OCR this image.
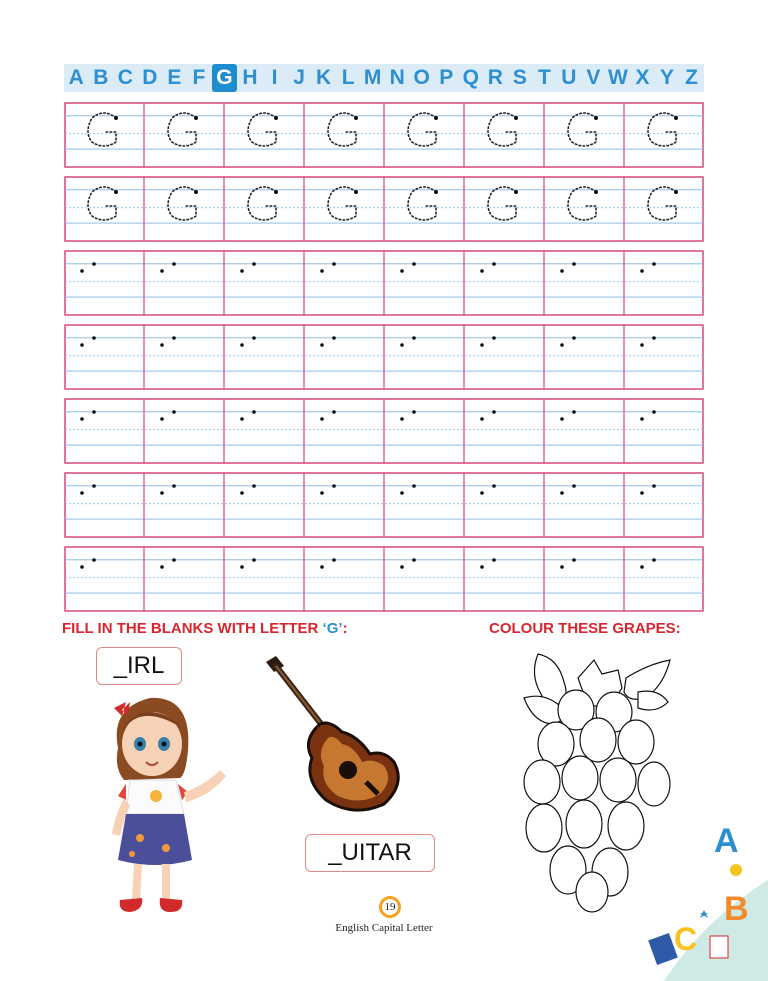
A B C D E F G H I J K L M N O P Q R S T U V W X Y Z
FILL IN THE BLANKS WITH LETTER ‘G’:	COLOUR THESE GRAPES:
_IRL
_UITAR	A
B
C
19
English Capital Letter
